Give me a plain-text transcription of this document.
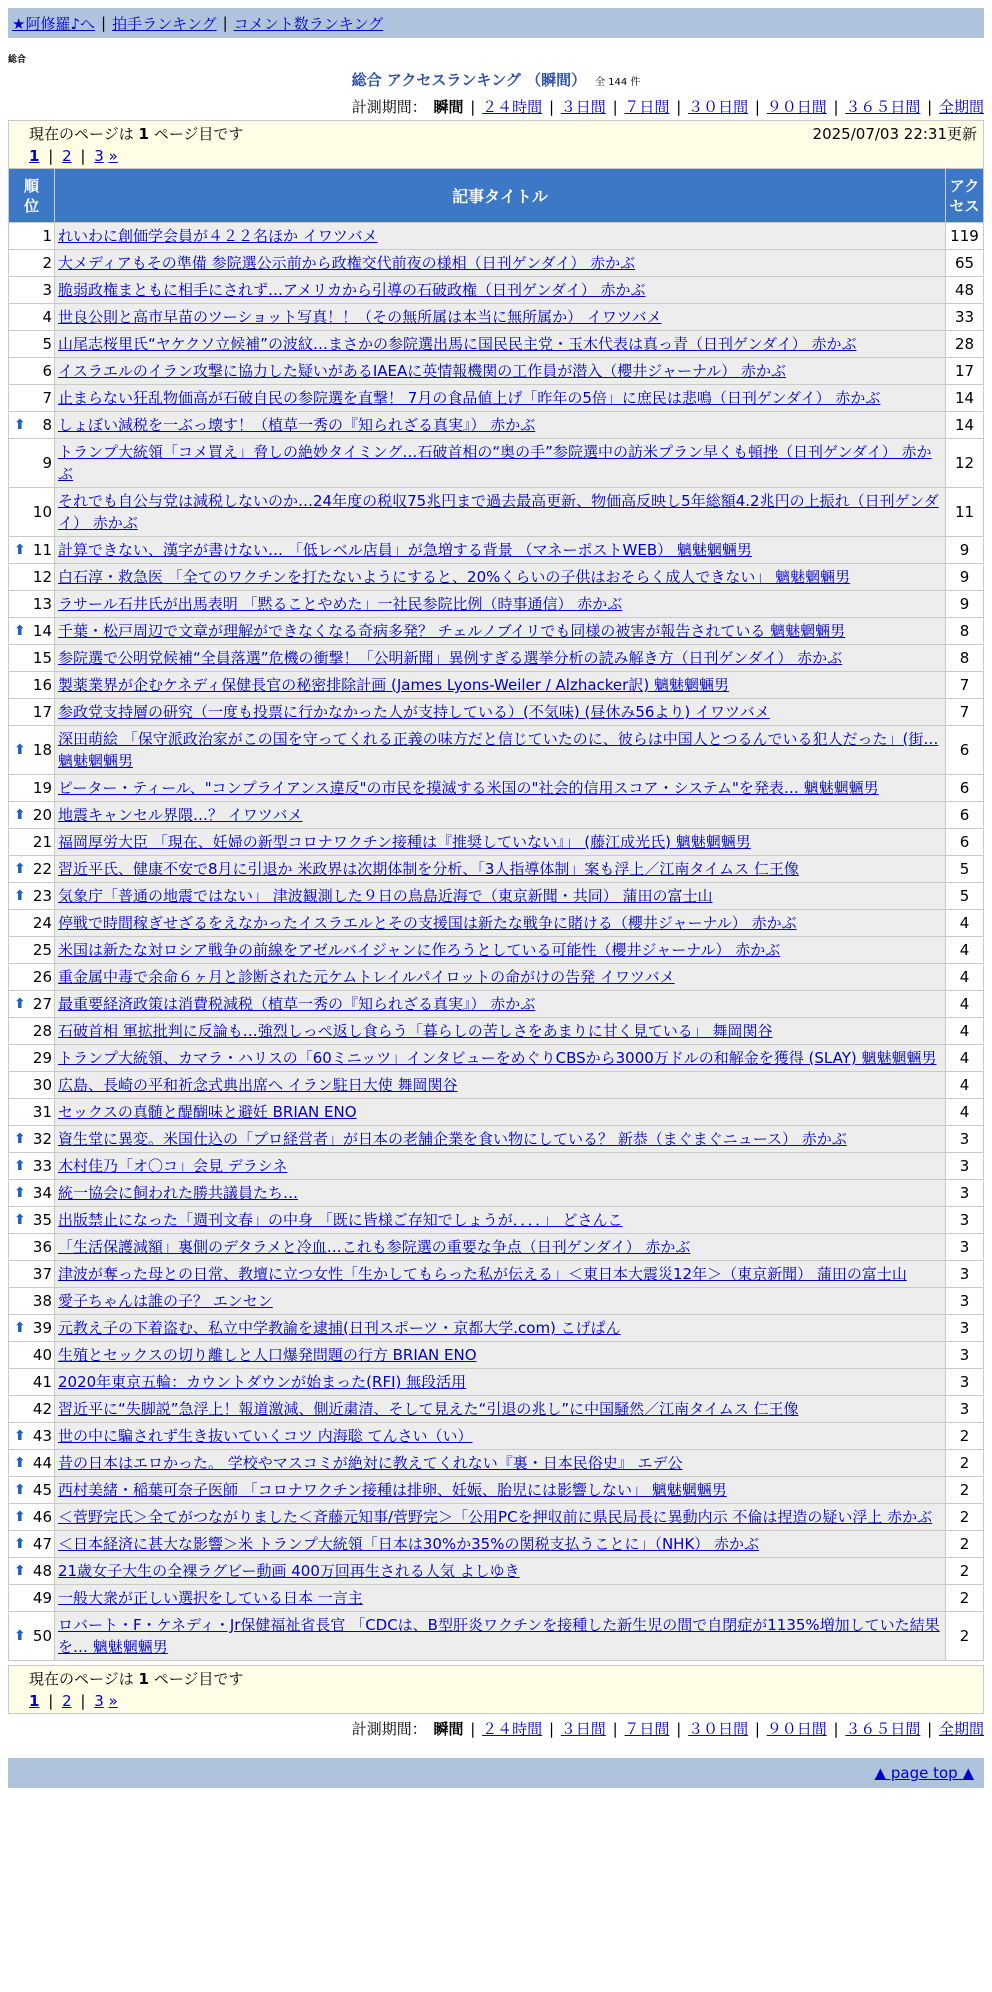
★阿修羅♪へ | 拍手ランキング | コメント数ランキング
総合
総合 アクセスランキング （瞬間） 全 144 件
計測期間： 瞬間 | ２４時間 | ３日間 | ７日間 | ３０日間 | ９０日間 | ３６５日間 | 全期間
現在のページは 1 ページ目です	2025/07/03 22:31更新
1 | 2 | 3 »
順位	記事タイトル	アクセス
1	れいわに創価学会員が４２２名ほか イワツバメ	119
2	大メディアもその準備 参院選公示前から政権交代前夜の様相（日刊ゲンダイ） 赤かぶ	65
3	脆弱政権まともに相手にされず…アメリカから引導の石破政権（日刊ゲンダイ） 赤かぶ	48
4	世良公則と高市早苗のツーショット写真！！（その無所属は本当に無所属か） イワツバメ	33
5	山尾志桜里氏“ヤケクソ立候補”の波紋…まさかの参院選出馬に国民民主党・玉木代表は真っ青（日刊ゲンダイ） 赤かぶ	28
6	イスラエルのイラン攻撃に協力した疑いがあるIAEAに英情報機関の工作員が潜入（櫻井ジャーナル） 赤かぶ	17
7	止まらない狂乱物価高が石破自民の参院選を直撃！ 7月の食品値上げ「昨年の5倍」に庶民は悲鳴（日刊ゲンダイ） 赤かぶ	14

⬆ 8	しょぼい減税を一ぶっ壊す！（植草一秀の『知られざる真実』） 赤かぶ	14
9	トランプ大統領「コメ買え」脅しの絶妙タイミング…石破首相の“奥の手”参院選中の訪米プラン早くも頓挫（日刊ゲンダイ） 赤かぶ	12
10	それでも自公与党は減税しないのか…24年度の税収75兆円まで過去最高更新、物価高反映し5年総額4.2兆円の上振れ（日刊ゲンダイ） 赤かぶ	11

⬆ 11	計算できない、漢字が書けない… 「低レベル店員」が急増する背景 （マネーポストWEB） 魑魅魍魎男	9
12	白石淳・救急医 「全てのワクチンを打たないようにすると、20%くらいの子供はおそらく成人できない」 魑魅魍魎男	9
13	ラサール石井氏が出馬表明 「黙ることやめた」一社民参院比例（時事通信） 赤かぶ	9

⬆ 14	千葉・松戸周辺で文章が理解ができなくなる奇病多発？ チェルノブイリでも同様の被害が報告されている 魑魅魍魎男	8
15	参院選で公明党候補“全員落選”危機の衝撃！「公明新聞」異例すぎる選挙分析の読み解き方（日刊ゲンダイ） 赤かぶ	8
16	製薬業界が企むケネディ保健長官の秘密排除計画 (James Lyons-Weiler / Alzhacker訳) 魑魅魍魎男	7
17	参政党支持層の研究（一度も投票に行かなかった人が支持している）(不気味) (昼休み56より) イワツバメ	7

⬆ 18	深田萌絵 「保守派政治家がこの国を守ってくれる正義の味方だと信じていたのに、彼らは中国人とつるんでいる犯人だった」(街… 魑魅魍魎男	6
19	ピーター・ティール、"コンプライアンス違反"の市民を摸滅する米国の"社会的信用スコア・システム"を発表… 魑魅魍魎男	6

⬆ 20	地震キャンセル界隈…？ イワツバメ	6
21	福岡厚労大臣 「現在、妊婦の新型コロナワクチン接種は『推奨していない』」 (藤江成光氏) 魑魅魍魎男	6

⬆ 22	習近平氏、健康不安で8月に引退か 米政界は次期体制を分析、「3人指導体制」案も浮上／江南タイムス 仁王像	5

⬆ 23	気象庁「普通の地震ではない」 津波観測した９日の鳥島近海で（東京新聞・共同） 蒲田の富士山	5
24	停戦で時間稼ぎせざるをえなかったイスラエルとその支援国は新たな戦争に賭ける（櫻井ジャーナル） 赤かぶ	4
25	米国は新たな対ロシア戦争の前線をアゼルバイジャンに作ろうとしている可能性（櫻井ジャーナル） 赤かぶ	4
26	重金属中毒で余命６ヶ月と診断された元ケムトレイルパイロットの命がけの告発 イワツバメ	4

⬆ 27	最重要経済政策は消費税減税（植草一秀の『知られざる真実』） 赤かぶ	4
28	石破首相 軍拡批判に反論も…強烈しっぺ返し食らう「暮らしの苦しさをあまりに甘く見ている」 舞岡関谷	4
29	トランプ大統領、カマラ・ハリスの「60ミニッツ」インタビューをめぐりCBSから3000万ドルの和解金を獲得 (SLAY) 魑魅魍魎男	4
30	広島、長崎の平和祈念式典出席へ イラン駐日大使 舞岡関谷	4
31	セックスの真髄と醍醐味と避妊 BRIAN ENO	4

⬆ 32	資生堂に異変。米国仕込の「プロ経営者」が日本の老舗企業を食い物にしている？ 新恭（まぐまぐニュース） 赤かぶ	3

⬆ 33	木村佳乃「オ〇コ」会見 デラシネ	3

⬆ 34	統一協会に飼われた勝共議員たち…	3

⬆ 35	出版禁止になった「週刊文春」の中身 「既に皆様ご存知でしょうが．．．．」 どさんこ	3
36	「生活保護減額」裏側のデタラメと冷血…これも参院選の重要な争点（日刊ゲンダイ） 赤かぶ	3
37	津波が奪った母との日常、教壇に立つ女性「生かしてもらった私が伝える」＜東日本大震災12年＞（東京新聞） 蒲田の富士山	3
38	愛子ちゃんは誰の子？ エンセン	3

⬆ 39	元教え子の下着盗む、私立中学教諭を逮捕(日刊スポーツ・京都大学.com) こげぱん	3
40	生殖とセックスの切り離しと人口爆発問題の行方 BRIAN ENO	3
41	2020年東京五輪：カウントダウンが始まった(RFI) 無段活用	3
42	習近平に“失脚説”急浮上！報道激減、側近粛清、そして見えた“引退の兆し”に中国騒然／江南タイムス 仁王像	3

⬆ 43	世の中に騙されず生き抜いていくコツ 内海聡 てんさい（い）	2

⬆ 44	昔の日本はエロかった。 学校やマスコミが絶対に教えてくれない『裏・日本民俗史』 エデ公	2

⬆ 45	西村美緒・稲葉可奈子医師 「コロナワクチン接種は排卵、妊娠、胎児には影響しない」 魑魅魍魎男	2

⬆ 46	＜菅野完氏＞全てがつながりました＜斉藤元知事/菅野完＞「公用PCを押収前に県民局長に異動内示 不倫は捏造の疑い浮上 赤かぶ	2

⬆ 47	＜日本経済に甚大な影響＞米 トランプ大統領「日本は30%か35%の関税支払うことに」（NHK） 赤かぶ	2

⬆ 48	21歳女子大生の全裸ラグビー動画 400万回再生される人気 よしゆき	2
49	一般大衆が正しい選択をしている日本 一言主	2

⬆ 50	ロバート・F・ケネディ・Jr保健福祉省長官 「CDCは、B型肝炎ワクチンを接種した新生児の間で自閉症が1135%増加していた結果を… 魑魅魍魎男	2
現在のページは 1 ページ目です
1 | 2 | 3 »
計測期間： 瞬間 | ２４時間 | ３日間 | ７日間 | ３０日間 | ９０日間 | ３６５日間 | 全期間
▲ page top ▲
